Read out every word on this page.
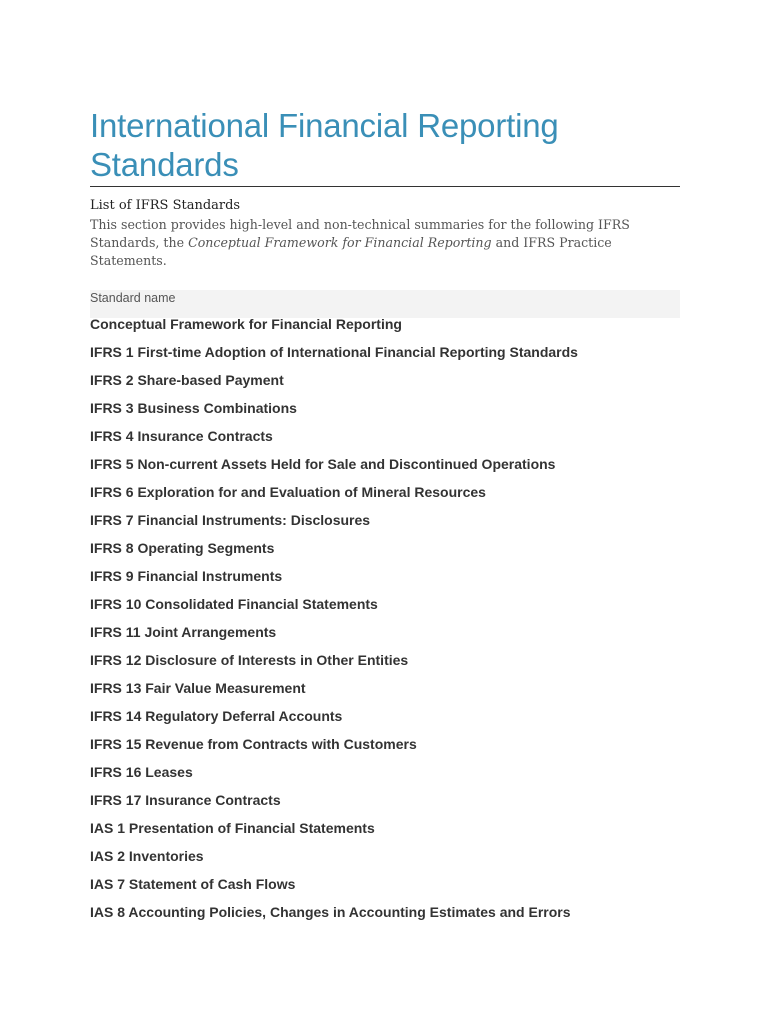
International Financial Reporting Standards
List of IFRS Standards
This section provides high-level and non-technical summaries for the following IFRS Standards, the Conceptual Framework for Financial Reporting and IFRS Practice Statements.
Standard name
Conceptual Framework for Financial Reporting
IFRS 1 First-time Adoption of International Financial Reporting Standards
IFRS 2 Share-based Payment
IFRS 3 Business Combinations
IFRS 4 Insurance Contracts
IFRS 5 Non-current Assets Held for Sale and Discontinued Operations
IFRS 6 Exploration for and Evaluation of Mineral Resources
IFRS 7 Financial Instruments: Disclosures
IFRS 8 Operating Segments
IFRS 9 Financial Instruments
IFRS 10 Consolidated Financial Statements
IFRS 11 Joint Arrangements
IFRS 12 Disclosure of Interests in Other Entities
IFRS 13 Fair Value Measurement
IFRS 14 Regulatory Deferral Accounts
IFRS 15 Revenue from Contracts with Customers
IFRS 16 Leases
IFRS 17 Insurance Contracts
IAS 1 Presentation of Financial Statements
IAS 2 Inventories
IAS 7 Statement of Cash Flows
IAS 8 Accounting Policies, Changes in Accounting Estimates and Errors
